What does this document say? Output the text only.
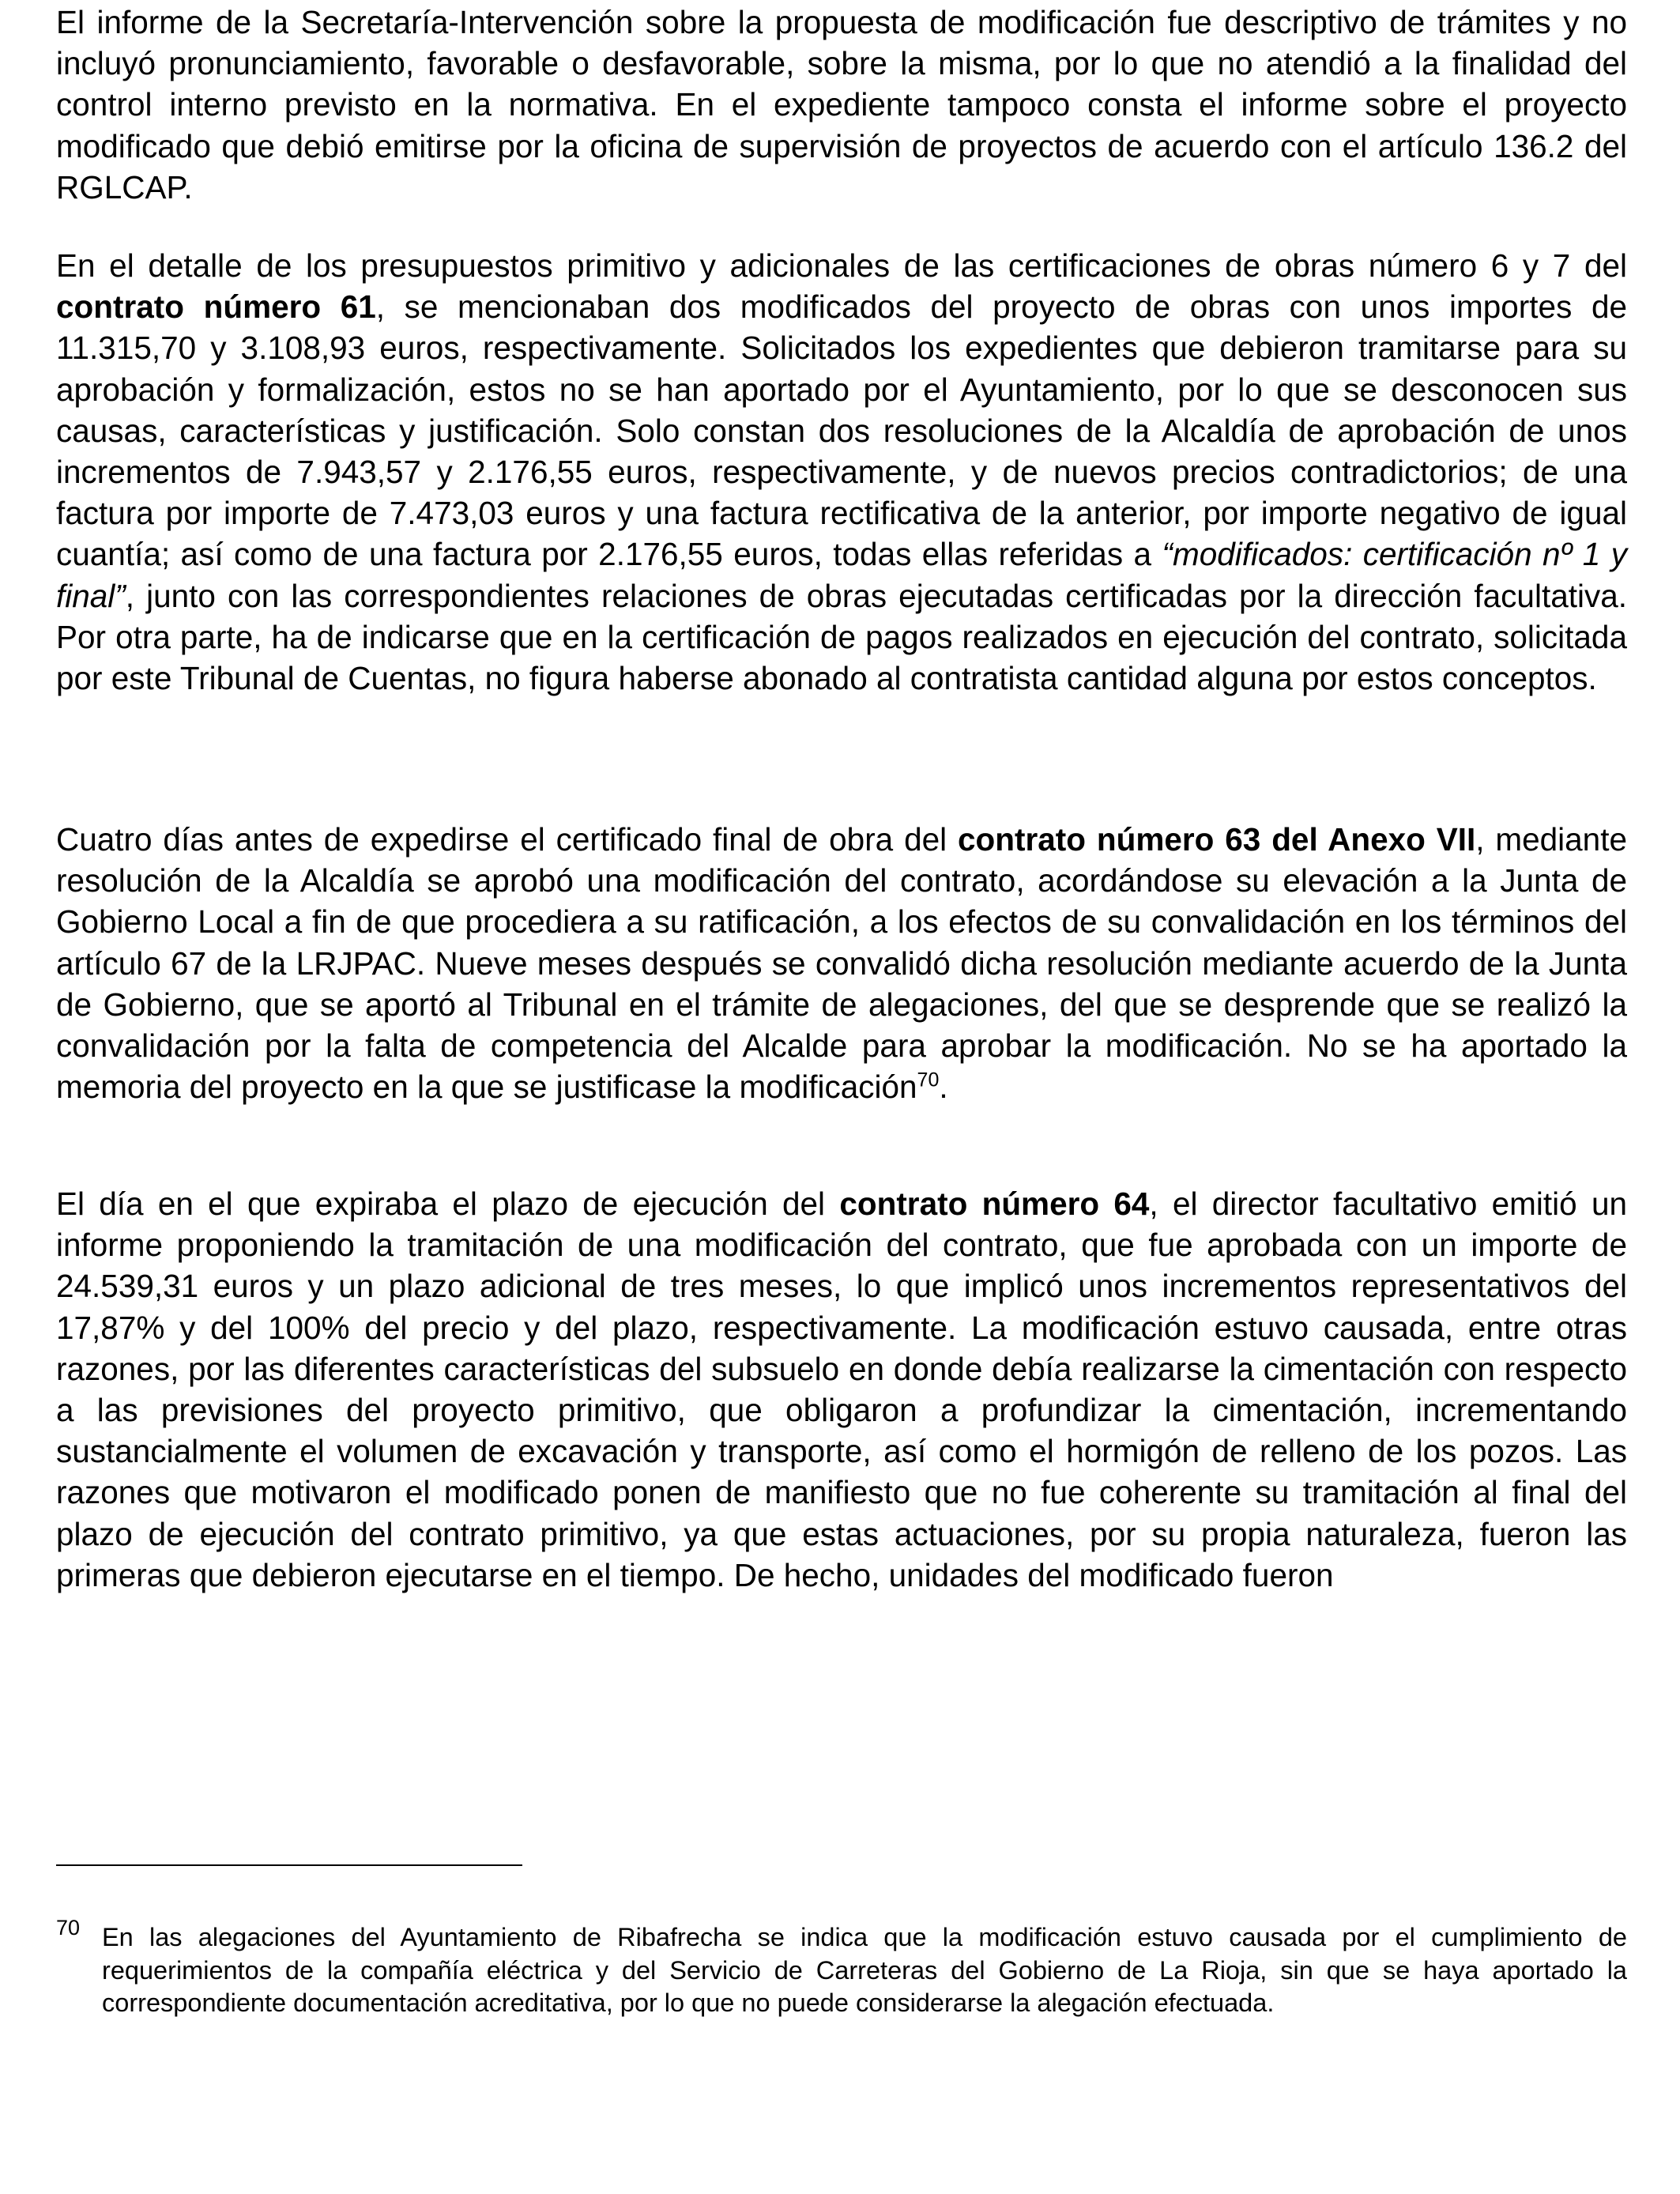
El informe de la Secretaría-Intervención sobre la propuesta de modificación fue descriptivo de trámites y no incluyó pronunciamiento, favorable o desfavorable, sobre la misma, por lo que no atendió a la finalidad del control interno previsto en la normativa. En el expediente tampoco consta el informe sobre el proyecto modificado que debió emitirse por la oficina de supervisión de proyectos de acuerdo con el artículo 136.2 del RGLCAP.

En el detalle de los presupuestos primitivo y adicionales de las certificaciones de obras número 6 y 7 del contrato número 61, se mencionaban dos modificados del proyecto de obras con unos importes de 11.315,70 y 3.108,93 euros, respectivamente. Solicitados los expedientes que debieron tramitarse para su aprobación y formalización, estos no se han aportado por el Ayuntamiento, por lo que se desconocen sus causas, características y justificación. Solo constan dos resoluciones de la Alcaldía de aprobación de unos incrementos de 7.943,57 y 2.176,55 euros, respectivamente, y de nuevos precios contradictorios; de una factura por importe de 7.473,03 euros y una factura rectificativa de la anterior, por importe negativo de igual cuantía; así como de una factura por 2.176,55 euros, todas ellas referidas a “modificados: certificación nº 1 y final”, junto con las correspondientes relaciones de obras ejecutadas certificadas por la dirección facultativa. Por otra parte, ha de indicarse que en la certificación de pagos realizados en ejecución del contrato, solicitada por este Tribunal de Cuentas, no figura haberse abonado al contratista cantidad alguna por estos conceptos.

Cuatro días antes de expedirse el certificado final de obra del contrato número 63 del Anexo VII, mediante resolución de la Alcaldía se aprobó una modificación del contrato, acordándose su elevación a la Junta de Gobierno Local a fin de que procediera a su ratificación, a los efectos de su convalidación en los términos del artículo 67 de la LRJPAC. Nueve meses después se convalidó dicha resolución mediante acuerdo de la Junta de Gobierno, que se aportó al Tribunal en el trámite de alegaciones, del que se desprende que se realizó la convalidación por la falta de competencia del Alcalde para aprobar la modificación. No se ha aportado la memoria del proyecto en la que se justificase la modificación$^{70}$.

El día en el que expiraba el plazo de ejecución del contrato número 64, el director facultativo emitió un informe proponiendo la tramitación de una modificación del contrato, que fue aprobada con un importe de 24.539,31 euros y un plazo adicional de tres meses, lo que implicó unos incrementos representativos del 17,87% y del 100% del precio y del plazo, respectivamente. La modificación estuvo causada, entre otras razones, por las diferentes características del subsuelo en donde debía realizarse la cimentación con respecto a las previsiones del proyecto primitivo, que obligaron a profundizar la cimentación, incrementando sustancialmente el volumen de excavación y transporte, así como el hormigón de relleno de los pozos. Las razones que motivaron el modificado ponen de manifiesto que no fue coherente su tramitación al final del plazo de ejecución del contrato primitivo, ya que estas actuaciones, por su propia naturaleza, fueron las primeras que debieron ejecutarse en el tiempo. De hecho, unidades del modificado fueron

70 En las alegaciones del Ayuntamiento de Ribafrecha se indica que la modificación estuvo causada por el cumplimiento de requerimientos de la compañía eléctrica y del Servicio de Carreteras del Gobierno de La Rioja, sin que se haya aportado la correspondiente documentación acreditativa, por lo que no puede considerarse la alegación efectuada.
